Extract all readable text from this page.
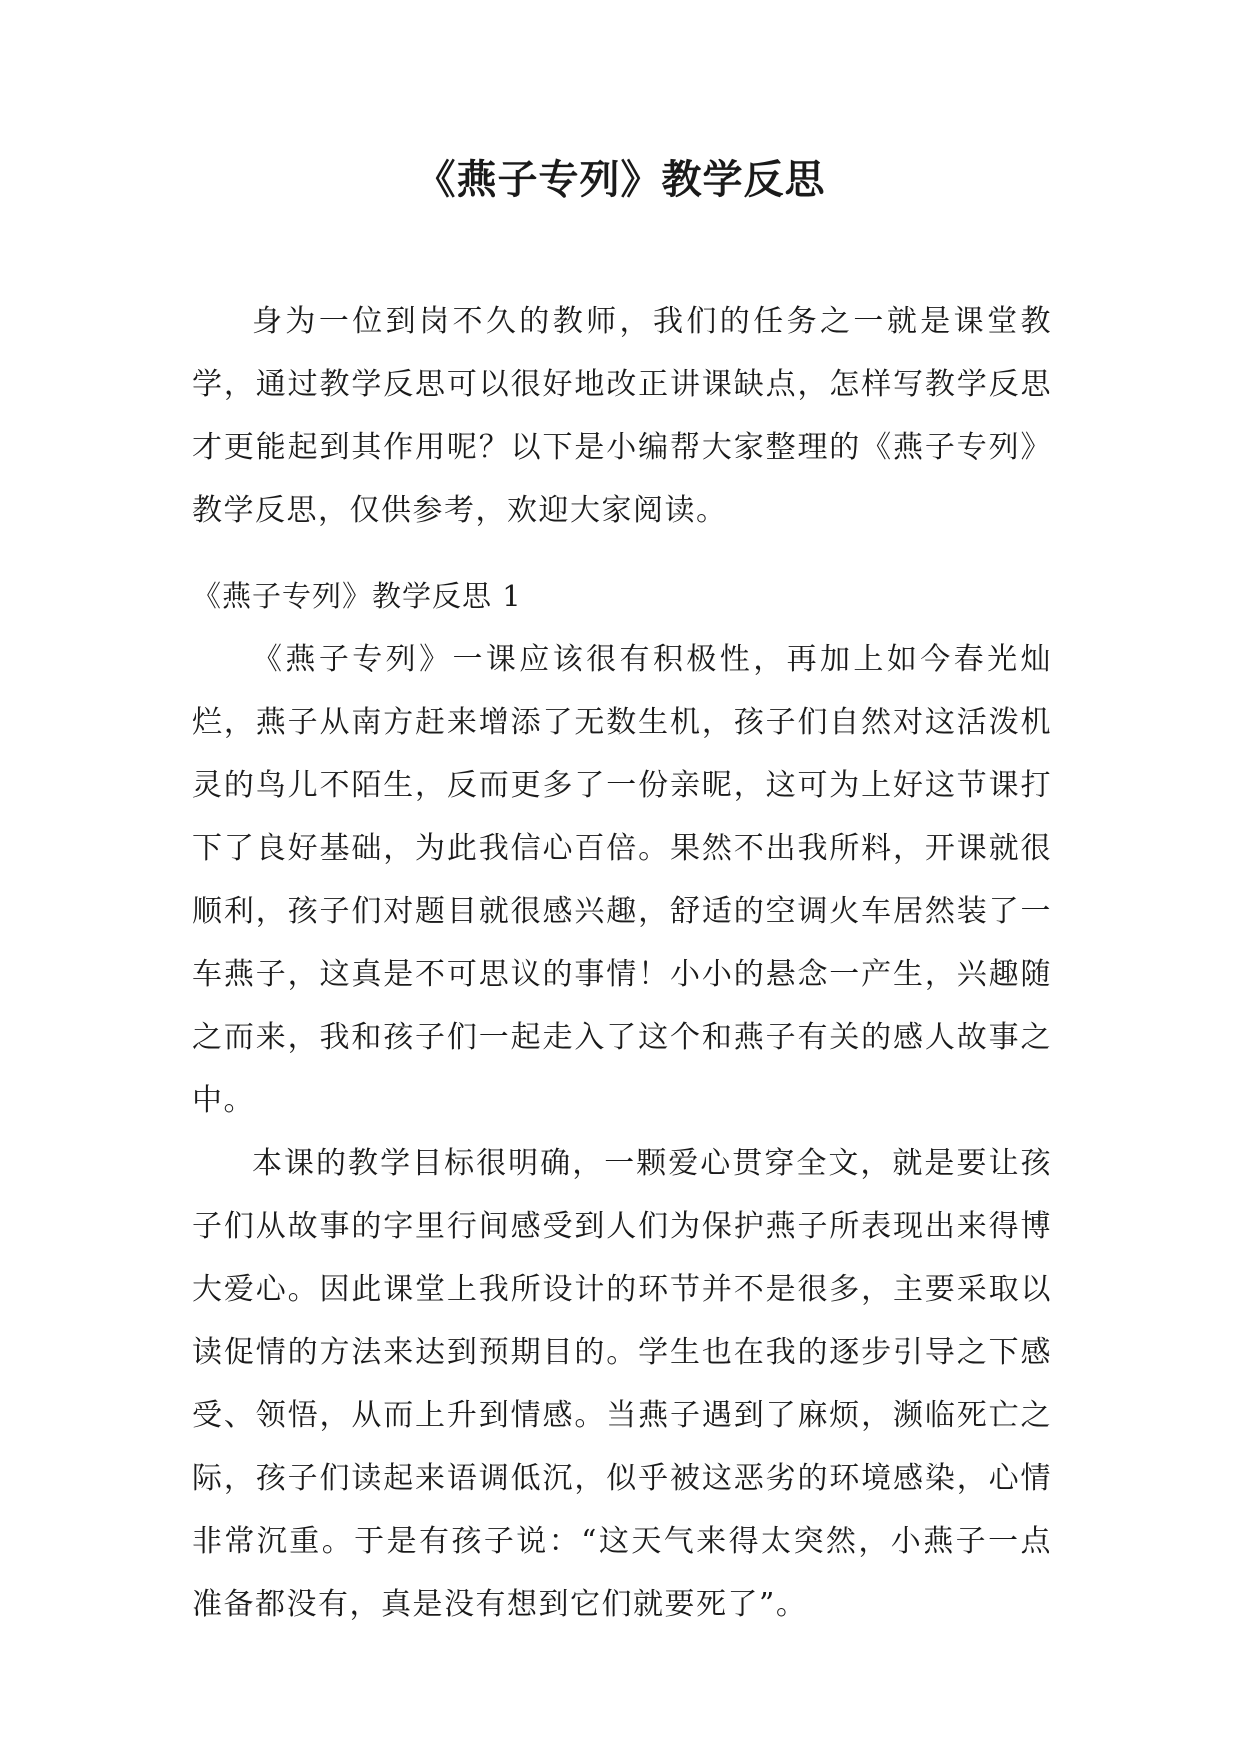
《燕子专列》教学反思

身为一位到岗不久的教师，我们的任务之一就是课堂教学，通过教学反思可以很好地改正讲课缺点，怎样写教学反思才更能起到其作用呢？以下是小编帮大家整理的《燕子专列》教学反思，仅供参考，欢迎大家阅读。

《燕子专列》教学反思 1

《燕子专列》一课应该很有积极性，再加上如今春光灿烂，燕子从南方赶来增添了无数生机，孩子们自然对这活泼机灵的鸟儿不陌生，反而更多了一份亲昵，这可为上好这节课打下了良好基础，为此我信心百倍。果然不出我所料，开课就很顺利，孩子们对题目就很感兴趣，舒适的空调火车居然装了一车燕子，这真是不可思议的事情！小小的悬念一产生，兴趣随之而来，我和孩子们一起走入了这个和燕子有关的感人故事之中。

本课的教学目标很明确，一颗爱心贯穿全文，就是要让孩子们从故事的字里行间感受到人们为保护燕子所表现出来得博大爱心。因此课堂上我所设计的环节并不是很多，主要采取以读促情的方法来达到预期目的。学生也在我的逐步引导之下感受、领悟，从而上升到情感。当燕子遇到了麻烦，濒临死亡之际，孩子们读起来语调低沉，似乎被这恶劣的环境感染，心情非常沉重。于是有孩子说：“这天气来得太突然，小燕子一点准备都没有，真是没有想到它们就要死了”。
